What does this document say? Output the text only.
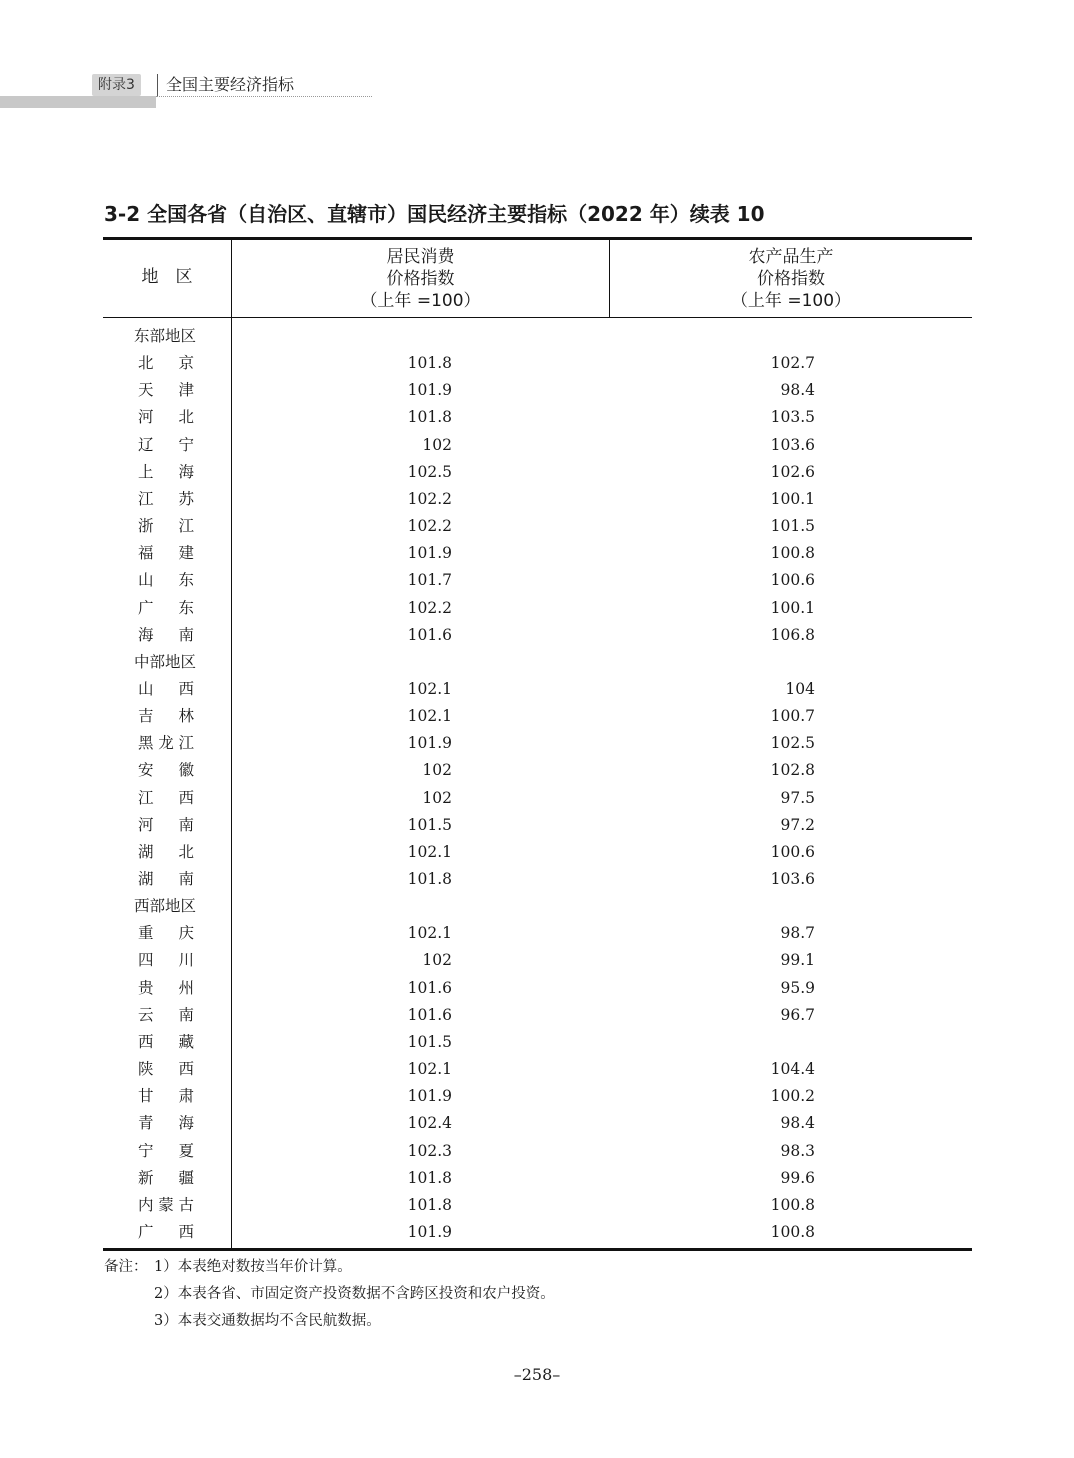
附录3	全国主要经济指标
3-2 全国各省（自治区、直辖市）国民经济主要指标（2022 年）续表 10
地　区
居民消费
价格指数
（上年 =100）
农产品生产
价格指数
（上年 =100）
东部地区
北京	101.8	102.7
天津	101.9	98.4
河北	101.8	103.5
辽宁	102	103.6
上海	102.5	102.6
江苏	102.2	100.1
浙江	102.2	101.5
福建	101.9	100.8
山东	101.7	100.6
广东	102.2	100.1
海南	101.6	106.8
中部地区
山西	102.1	104
吉林	102.1	100.7
黑龙江	101.9	102.5
安徽	102	102.8
江西	102	97.5
河南	101.5	97.2
湖北	102.1	100.6
湖南	101.8	103.6
西部地区
重庆	102.1	98.7
四川	102	99.1
贵州	101.6	95.9
云南	101.6	96.7
西藏	101.5
陕西	102.1	104.4
甘肃	101.9	100.2
青海	102.4	98.4
宁夏	102.3	98.3
新疆	101.8	99.6
内蒙古	101.8	100.8
广西	101.9	100.8
备注： 1）本表绝对数按当年价计算。
2）本表各省、市固定资产投资数据不含跨区投资和农户投资。
3）本表交通数据均不含民航数据。
–258–
